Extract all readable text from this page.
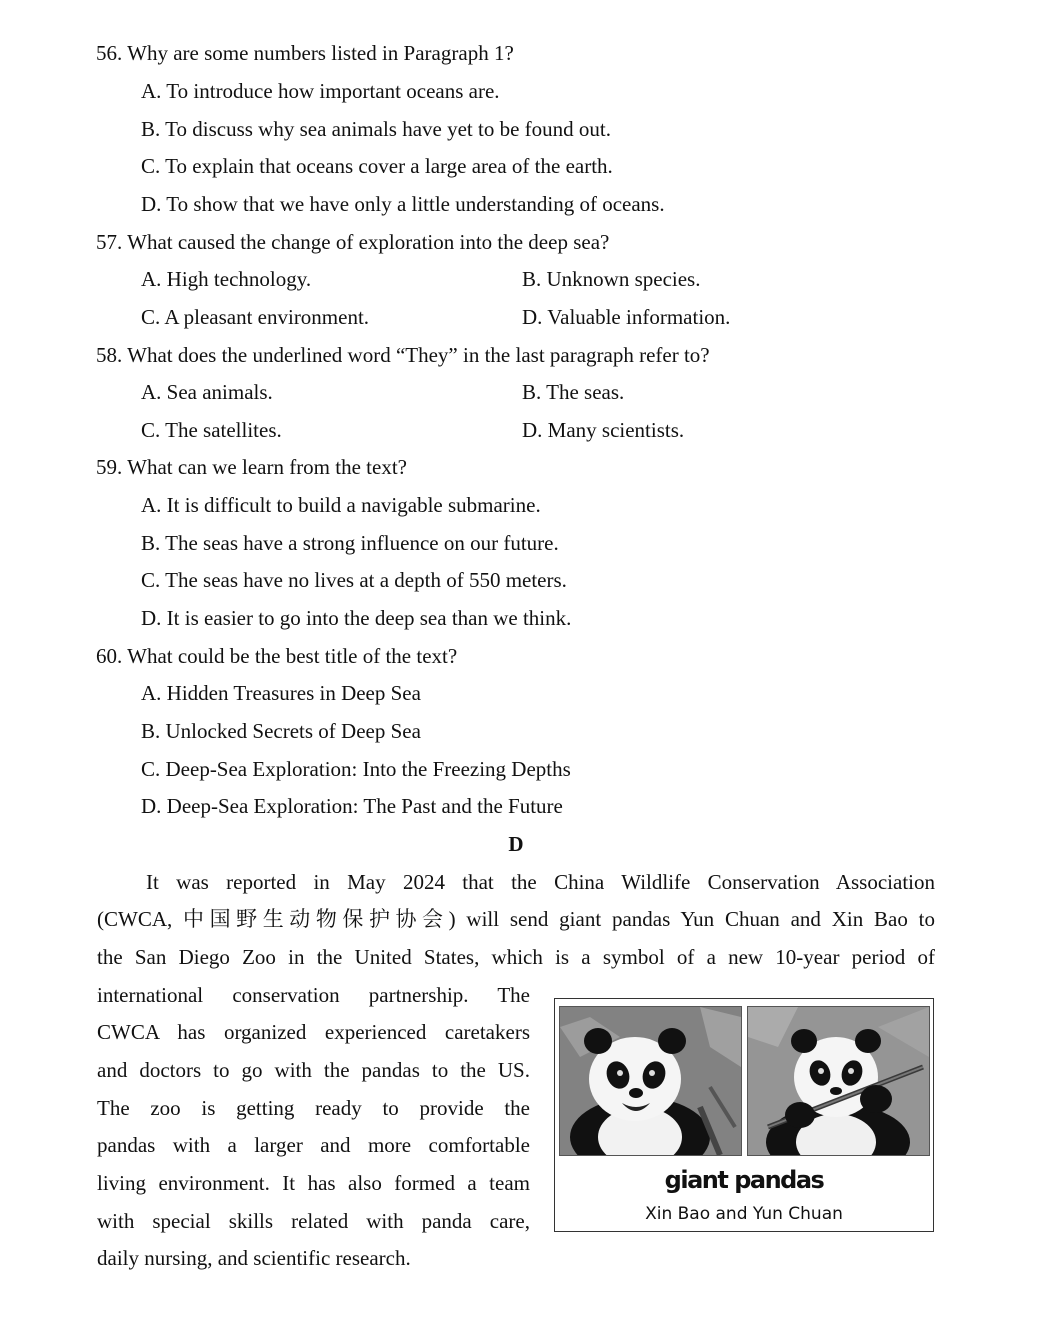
56. Why are some numbers listed in Paragraph 1?
A. To introduce how important oceans are.
B. To discuss why sea animals have yet to be found out.
C. To explain that oceans cover a large area of the earth.
D. To show that we have only a little understanding of oceans.
57. What caused the change of exploration into the deep sea?
A. High technology.	B. Unknown species.
C. A pleasant environment.	D. Valuable information.
58. What does the underlined word “They” in the last paragraph refer to?
A. Sea animals.	B. The seas.
C. The satellites.	D. Many scientists.
59. What can we learn from the text?
A. It is difficult to build a navigable submarine.
B. The seas have a strong influence on our future.
C. The seas have no lives at a depth of 550 meters.
D. It is easier to go into the deep sea than we think.
60. What could be the best title of the text?
A. Hidden Treasures in Deep Sea
B. Unlocked Secrets of Deep Sea
C. Deep-Sea Exploration: Into the Freezing Depths
D. Deep-Sea Exploration: The Past and the Future
D
It was reported in May 2024 that the China Wildlife Conservation Association
(CWCA, 中国野生动物保护协会) will send giant pandas Yun Chuan and Xin Bao to
the San Diego Zoo in the United States, which is a symbol of a new 10-year period of
international conservation partnership. The
CWCA has organized experienced caretakers
and doctors to go with the pandas to the US.
The zoo is getting ready to provide the
pandas with a larger and more comfortable
living environment. It has also formed a team
with special skills related with panda care,
daily nursing, and scientific research.
giant pandas
Xin Bao and Yun Chuan
